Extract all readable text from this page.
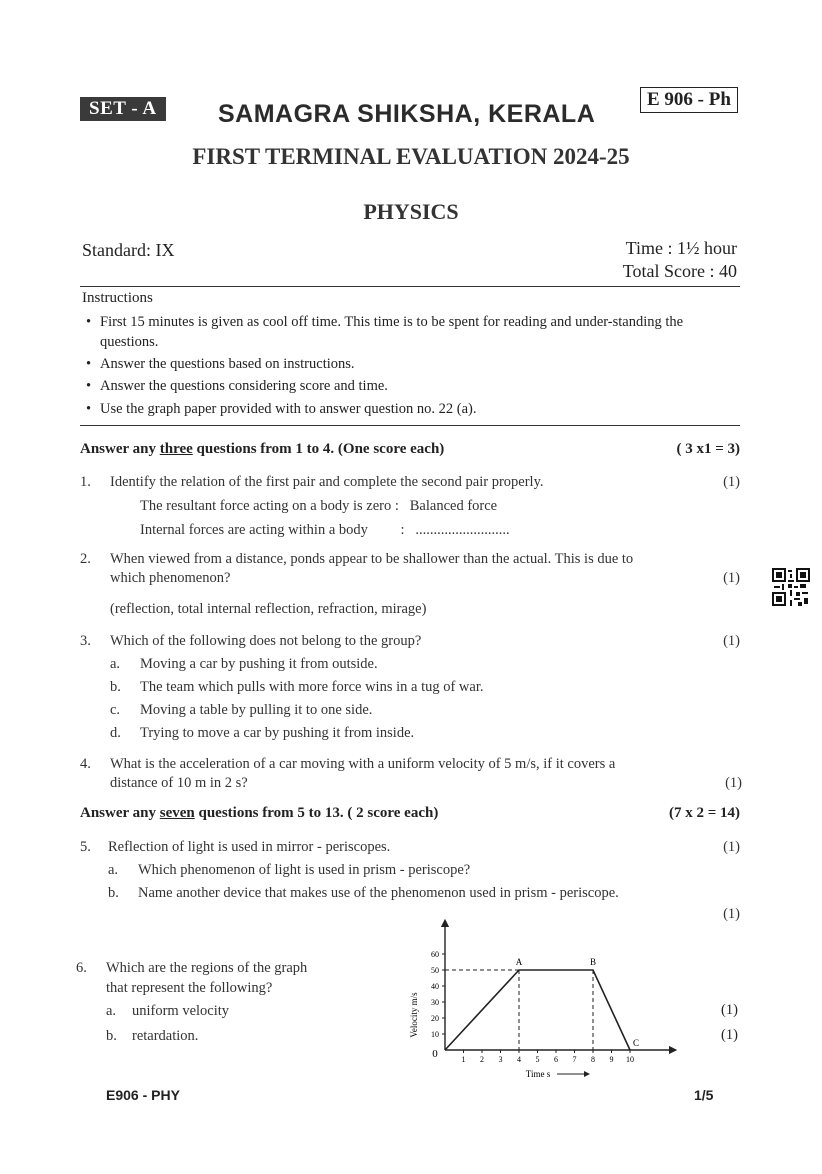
SET - A	E 906 - Ph
SAMAGRA SHIKSHA, KERALA
FIRST TERMINAL EVALUATION 2024-25
PHYSICS
Standard: IX	Time : 1½ hour
Total Score : 40
Instructions
• First 15 minutes is given as cool off time. This time is to be spent for reading and under-standing the questions.
• Answer the questions based on instructions.
• Answer the questions considering score and time.
• Use the graph paper provided with to answer question no. 22 (a).
Answer any three questions from 1 to 4. (One score each)	( 3 x1 = 3)
1. Identify the relation of the first pair and complete the second pair properly.	(1)
The resultant force acting on a body is zero :   Balanced force
Internal forces are acting within a body         :   ..........................
2. When viewed from a distance, ponds appear to be shallower than the actual. This is due to
which phenomenon?	(1)
(reflection, total internal reflection, refraction, mirage)
3. Which of the following does not belong to the group?	(1)
a. Moving a car by pushing it from outside.
b. The team which pulls with more force wins in a tug of war.
c. Moving a table by pulling it to one side.
d. Trying to move a car by pushing it from inside.
4. What is the acceleration of a car moving with a uniform velocity of 5 m/s, if it covers a
distance of 10 m in 2 s?	(1)
Answer any seven questions from 5 to 13. ( 2 score each)	(7 x 2 = 14)
5. Reflection of light is used in mirror - periscopes.	(1)
a. Which phenomenon of light is used in prism - periscope?
b. Name another device that makes use of the phenomenon used in prism - periscope.
(1)
6. Which are the regions of the graph
that represent the following?
a. uniform velocity
b. retardation.
(1)
(1)
10
20
30
40
50
60
1 2 3 4 5 6 7 8 9 10
A	B
C
0
Velocity m/s
Time s
E906 - PHY	1/5
